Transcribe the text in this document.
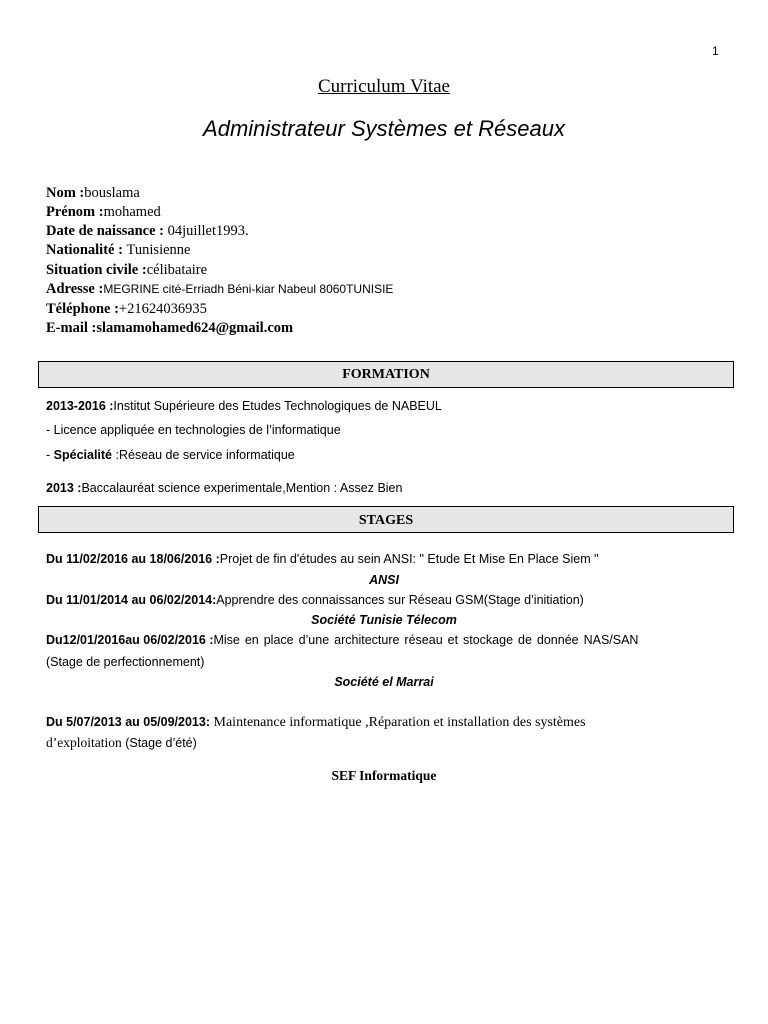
1
Curriculum Vitae
Administrateur Systèmes et Réseaux
Nom :bouslama
Prénom :mohamed
Date de naissance : 04juillet1993.
Nationalité : Tunisienne
Situation civile :célibataire
Adresse :MEGRINE cité-Erriadh Béni-kiar Nabeul 8060TUNISIE
Téléphone :+21624036935
E-mail :slamamohamed624@gmail.com
FORMATION
2013-2016 :Institut Supérieure des Etudes Technologiques de NABEUL
- Licence appliquée en technologies de l’informatique
- Spécialité :Réseau de service informatique
2013 :Baccalauréat science experimentale,Mention : Assez Bien
STAGES
Du 11/02/2016 au 18/06/2016 :Projet de fin d'études au sein ANSI: " Etude Et Mise En Place Siem "
ANSI
Du 11/01/2014 au 06/02/2014:Apprendre des connaissances sur Réseau GSM(Stage d’initiation)
Société Tunisie Télecom
Du12/01/2016au 06/02/2016 :Mise en place d’une architecture réseau et stockage de donnée NAS/SAN
(Stage de perfectionnement)
Société el Marrai
Du 5/07/2013 au 05/09/2013: Maintenance informatique ,Réparation et installation des systèmes
d’exploitation (Stage d’été)
SEF Informatique
